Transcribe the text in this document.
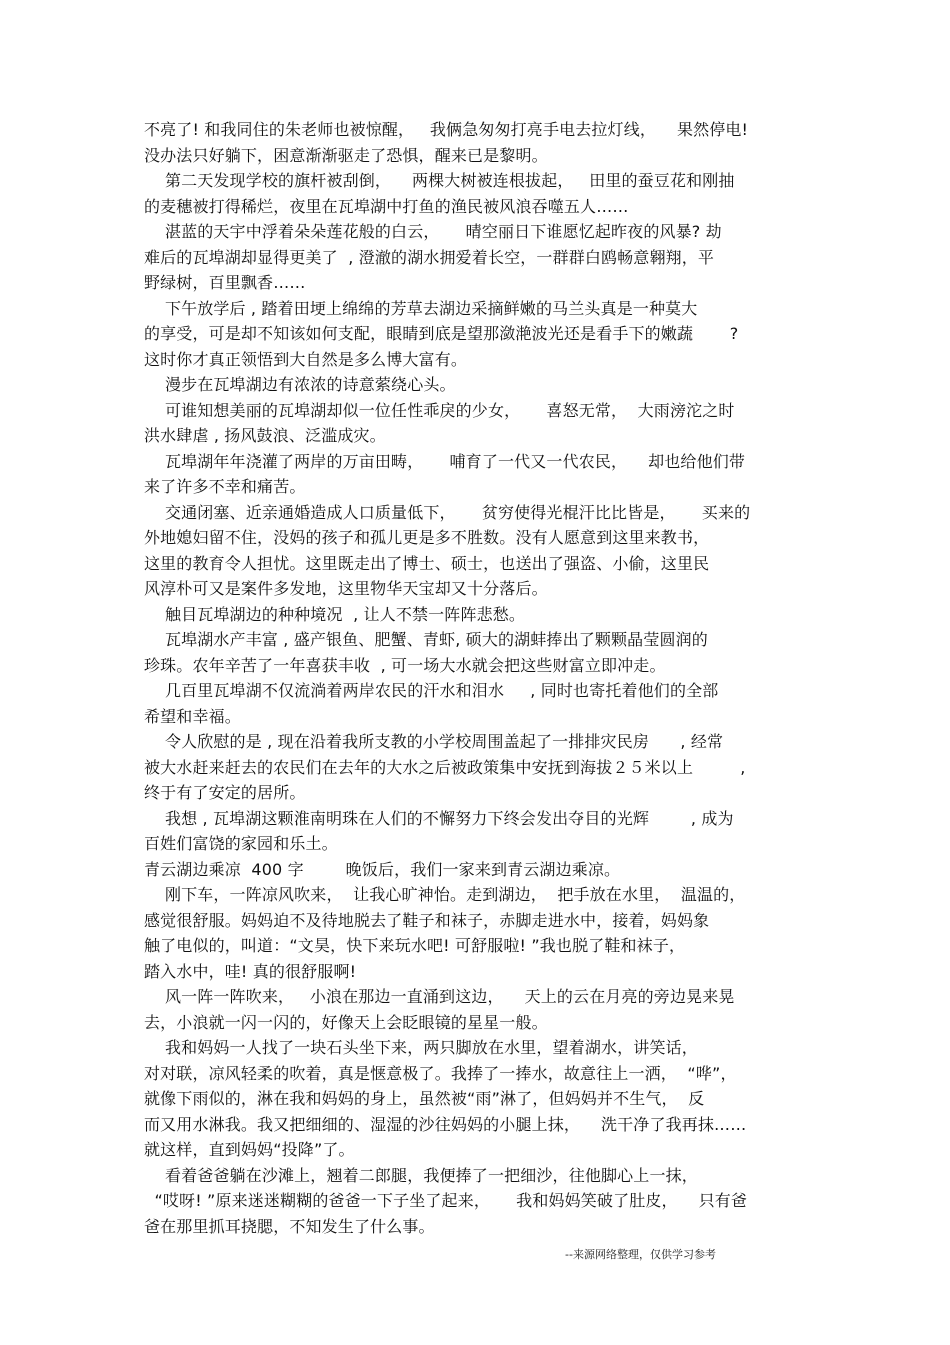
不亮了! 和我同住的朱老师也被惊醒，   我俩急匆匆打亮手电去拉灯线，    果然停电!
没办法只好躺下，困意渐渐驱走了恐惧，醒来已是黎明。
第二天发现学校的旗杆被刮倒，    两棵大树被连根拔起，   田里的蚕豆花和刚抽
的麦穗被打得稀烂，夜里在瓦埠湖中打鱼的渔民被风浪吞噬五人……
湛蓝的天宇中浮着朵朵莲花般的白云，     晴空丽日下谁愿忆起昨夜的风暴? 劫
难后的瓦埠湖却显得更美了  , 澄澈的湖水拥爱着长空，一群群白鸥畅意翱翔，平
野绿树，百里飘香……
下午放学后 , 踏着田埂上绵绵的芳草去湖边采摘鲜嫩的马兰头真是一种莫大
的享受，可是却不知该如何支配，眼睛到底是望那潋滟波光还是看手下的嫩蔬       ?
这时你才真正领悟到大自然是多么博大富有。
漫步在瓦埠湖边有浓浓的诗意萦绕心头。
可谁知想美丽的瓦埠湖却似一位任性乖戾的少女，     喜怒无常，  大雨滂沱之时
洪水肆虐 , 扬风鼓浪、泛滥成灾。
瓦埠湖年年浇灌了两岸的万亩田畴，     哺育了一代又一代农民，    却也给他们带
来了许多不幸和痛苦。
交通闭塞、近亲通婚造成人口质量低下，     贫穷使得光棍汗比比皆是，     买来的
外地媳妇留不住，没妈的孩子和孤儿更是多不胜数。没有人愿意到这里来教书，
这里的教育令人担忧。这里既走出了博士、硕士，也送出了强盗、小偷，这里民
风淳朴可又是案件多发地，这里物华天宝却又十分落后。
触目瓦埠湖边的种种境况  , 让人不禁一阵阵悲愁。
瓦埠湖水产丰富 , 盛产银鱼、肥蟹、青虾, 硕大的湖蚌捧出了颗颗晶莹圆润的
珍珠。农年辛苦了一年喜获丰收  , 可一场大水就会把这些财富立即冲走。
几百里瓦埠湖不仅流淌着两岸农民的汗水和泪水     , 同时也寄托着他们的全部
希望和幸福。
令人欣慰的是 , 现在沿着我所支教的小学校周围盖起了一排排灾民房      , 经常
被大水赶来赶去的农民们在去年的大水之后被政策集中安抚到海拔２５米以上         ,
终于有了安定的居所。
我想 , 瓦埠湖这颗淮南明珠在人们的不懈努力下终会发出夺目的光辉        , 成为
百姓们富饶的家园和乐土。
青云湖边乘凉  400 字        晚饭后，我们一家来到青云湖边乘凉。
刚下车，一阵凉风吹来，  让我心旷神怡。走到湖边，  把手放在水里，  温温的，
感觉很舒服。妈妈迫不及待地脱去了鞋子和袜子，赤脚走进水中，接着，妈妈象
触了电似的，叫道：“文昊，快下来玩水吧! 可舒服啦! ”我也脱了鞋和袜子，
踏入水中，哇! 真的很舒服啊!
风一阵一阵吹来，   小浪在那边一直涌到这边，    天上的云在月亮的旁边晃来晃
去，小浪就一闪一闪的，好像天上会眨眼镜的星星一般。
我和妈妈一人找了一块石头坐下来，两只脚放在水里，望着湖水，讲笑话，
对对联，凉风轻柔的吹着，真是惬意极了。我捧了一捧水，故意往上一洒，  “哗”，
就像下雨似的，淋在我和妈妈的身上，虽然被“雨”淋了，但妈妈并不生气，  反
而又用水淋我。我又把细细的、湿湿的沙往妈妈的小腿上抹，    洗干净了我再抹……
就这样，直到妈妈“投降”了。
看着爸爸躺在沙滩上，翘着二郎腿，我便捧了一把细沙，往他脚心上一抹，
“哎呀! ”原来迷迷糊糊的爸爸一下子坐了起来，     我和妈妈笑破了肚皮，    只有爸
爸在那里抓耳挠腮，不知发生了什么事。
--来源网络整理，仅供学习参考
